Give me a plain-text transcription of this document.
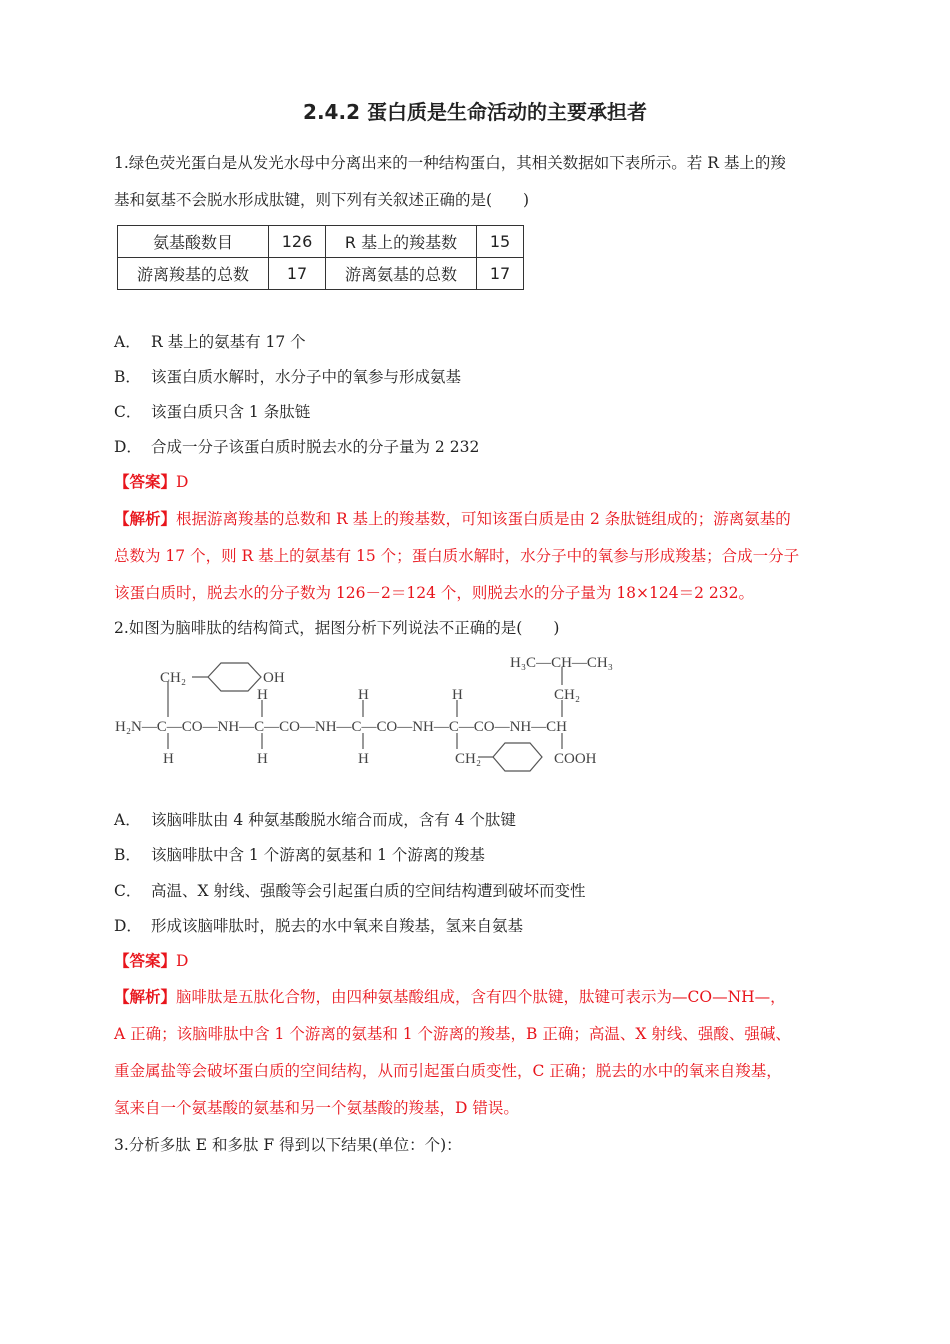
2.4.2 蛋白质是生命活动的主要承担者
1.绿色荧光蛋白是从发光水母中分离出来的一种结构蛋白，其相关数据如下表所示。若 R 基上的羧
基和氨基不会脱水形成肽键，则下列有关叙述正确的是(　　)
氨基酸数目	126	R 基上的羧基数	15
游离羧基的总数	17	游离氨基的总数	17
A． R 基上的氨基有 17 个
B． 该蛋白质水解时，水分子中的氧参与形成氨基
C． 该蛋白质只含 1 条肽链
D． 合成一分子该蛋白质时脱去水的分子量为 2 232
【答案】D
【解析】根据游离羧基的总数和 R 基上的羧基数，可知该蛋白质是由 2 条肽链组成的；游离氨基的
总数为 17 个，则 R 基上的氨基有 15 个；蛋白质水解时，水分子中的氧参与形成羧基；合成一分子
该蛋白质时，脱去水的分子数为 126－2＝124 个，则脱去水的分子量为 18×124＝2 232。
2.如图为脑啡肽的结构简式，据图分析下列说法不正确的是(　　)
H₃C—CH—CH₃
CH₂	OH
H	H	H	CH₂
H₂N—C—CO—NH—C—CO—NH—C—CO—NH—C—CO—NH—CH
H	H	H	CH₂	COOH
A． 该脑啡肽由 4 种氨基酸脱水缩合而成，含有 4 个肽键
B． 该脑啡肽中含 1 个游离的氨基和 1 个游离的羧基
C． 高温、X 射线、强酸等会引起蛋白质的空间结构遭到破坏而变性
D． 形成该脑啡肽时，脱去的水中氧来自羧基，氢来自氨基
【答案】D
【解析】脑啡肽是五肽化合物，由四种氨基酸组成，含有四个肽键，肽键可表示为—CO—NH—，
A 正确；该脑啡肽中含 1 个游离的氨基和 1 个游离的羧基，B 正确；高温、X 射线、强酸、强碱、
重金属盐等会破坏蛋白质的空间结构，从而引起蛋白质变性，C 正确；脱去的水中的氧来自羧基，
氢来自一个氨基酸的氨基和另一个氨基酸的羧基，D 错误。
3.分析多肽 E 和多肽 F 得到以下结果(单位：个)：
